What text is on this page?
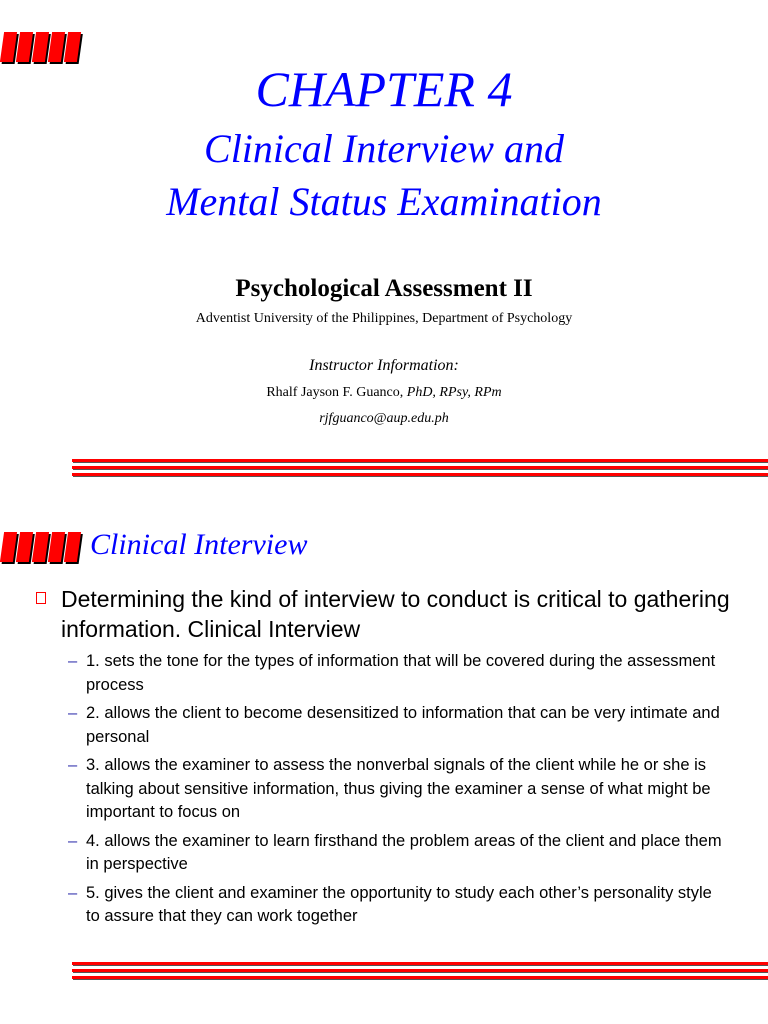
CHAPTER 4
Clinical Interview and
Mental Status Examination
Psychological Assessment II
Adventist University of the Philippines, Department of Psychology
Instructor Information:
Rhalf Jayson F. Guanco, PhD, RPsy, RPm
rjfguanco@aup.edu.ph
Clinical Interview
Determining the kind of interview to conduct is critical to gathering information. Clinical Interview
– 1. sets the tone for the types of information that will be covered during the assessment process
– 2. allows the client to become desensitized to information that can be very intimate and personal
– 3. allows the examiner to assess the nonverbal signals of the client while he or she is talking about sensitive information, thus giving the examiner a sense of what might be important to focus on
– 4. allows the examiner to learn firsthand the problem areas of the client and place them in perspective
– 5. gives the client and examiner the opportunity to study each other’s personality style to assure that they can work together
